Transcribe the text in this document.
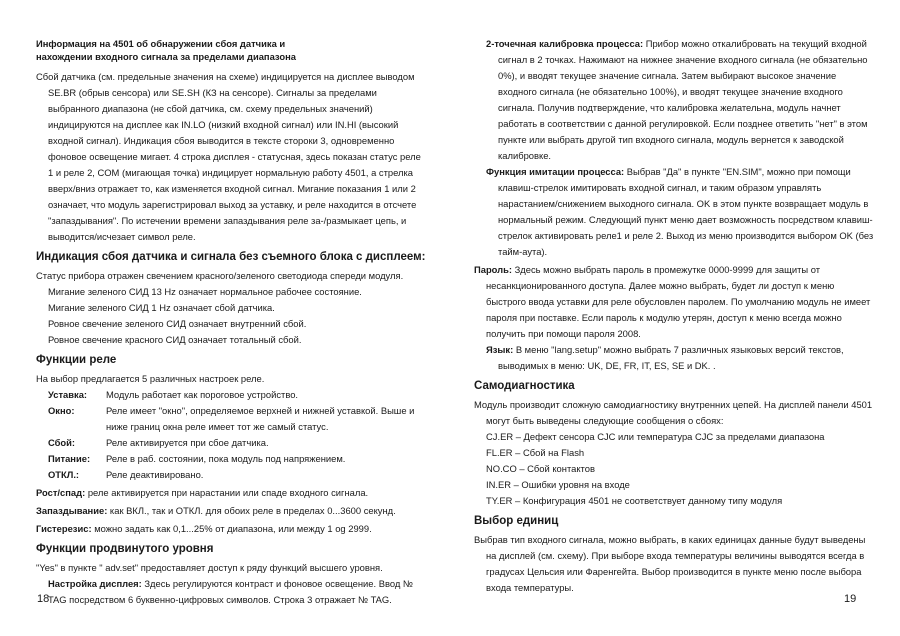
Информация на 4501 об обнаружении сбоя датчика и нахождении входного сигнала за пределами диапазона

Сбой датчика (см. предельные значения на схеме) индицируется на дисплее выводом SE.BR (обрыв сенсора) или SE.SH (КЗ на сенсоре). Сигналы за пределами выбранного диапазона (не сбой датчика, см. схему предельных значений) индицируются на дисплее как IN.LO (низкий входной сигнал) или IN.HI (высокий входной сигнал). Индикация сбоя выводится в тексте стороки 3, одновременно фоновое освещение мигает. 4 строка дисплея - статусная, здесь показан статус реле 1 и реле 2, COM (мигающая точка) индицирует нормальную работу 4501, а стрелка вверх/вниз отражает то, как изменяется входной сигнал. Мигание показания 1 или 2 означает, что модуль зарегистрировал выход за уставку, и реле находится в отсчете "запаздывания". По истечении времени запаздывания реле за-/размыкает цепь, и выводится/исчезает символ реле.

Индикация сбоя датчика и сигнала без съемного блока с дисплеем:

Статус прибора отражен свечением красного/зеленого светодиода спереди модуля.

Мигание зеленого СИД 13 Hz означает нормальное рабочее состояние.

Мигание зеленого СИД 1 Hz означает сбой датчика.

Ровное свечение зеленого СИД означает внутренний сбой.

Ровное свечение красного СИД означает тотальный сбой.

Функции реле

На выбор предлагается 5 различных настроек реле.

Уставка:	Модуль работает как пороговое устройство.
Окно:	Реле имеет "окно", определяемое верхней и нижней уставкой. Выше и ниже границ окна реле имеет тот же самый статус.
Сбой:	Реле активируется при сбое датчика.
Питание:	Реле в раб. состоянии, пока модуль под напряжением.
ОТКЛ.:	Реле деактивировано.

Рост/спад: реле активируется при нарастании или спаде входного сигнала.

Запаздывание: как ВКЛ., так и ОТКЛ. для обоих реле в пределах 0...3600 секунд.

Гистерезис: можно задать как 0,1...25% от диапазона, или между 1 og 2999.

Функции продвинутого уровня

"Yes" в пункте " adv.set" предоставляет доступ к ряду функций высшего уровня.

Настройка дисплея: Здесь регулируются контраст и фоновое освещение. Ввод № TAG посредством 6 буквенно-цифровых символов. Строка 3 отражает № TAG.

18

2-точечная калибровка процесса: Прибор можно откалибровать на текущий входной сигнал в 2 точках. Нажимают на нижнее значение входного сигнала (не обязательно 0%), и вводят текущее значение сигнала. Затем выбирают высокое значение входного сигнала (не обязательно 100%), и вводят текущее значение входного сигнала. Получив подтверждение, что калибровка желательна, модуль начнет работать в соответствии с данной регулировкой. Если позднее ответить "нет" в этом пункте или выбрать другой тип входного сигнала, модуль вернется к заводской калибровке.

Функция имитации процесса: Выбрав "Да" в пункте "EN.SIM", можно при помощи клавиш-стрелок имитировать входной сигнал, и таким образом управлять нарастанием/снижением выходного сигнала. OK в этом пункте возвращает модуль в нормальный режим. Следующий пункт меню дает возможность посредством клавиш-стрелок активировать реле1 и реле 2. Выход из меню производится выбором OK (без тайм-аута).

Пароль: Здесь можно выбрать пароль в промежутке 0000-9999 для защиты от несанкционированного доступа. Далее можно выбрать, будет ли доступ к меню быстрого ввода уставки для реле обусловлен паролем. По умолчанию модуль не имеет пароля при поставке. Если пароль к модулю утерян, доступ к меню всегда можно получить при помощи пароля 2008.

Язык: В меню "lang.setup" можно выбрать 7 различных языковых версий текстов, выводимых в меню: UK, DE, FR, IT, ES, SE и DK. .

Самодиагностика

Модуль производит сложную самодиагностику внутренних цепей. На дисплей панели 4501 могут быть выведены следующие сообщения о сбоях:

CJ.ER – Дефект сенсора CJC или температура CJC за пределами диапазона

FL.ER – Сбой на Flash

NO.CO – Сбой контактов

IN.ER – Ошибки уровня на входе

TY.ER – Конфигурация 4501 не соответствует данному типу модуля

Выбор единиц

Выбрав тип входного сигнала, можно выбрать, в каких единицах данные будут выведены на дисплей (см. схему). При выборе входа температуры величины выводятся всегда в градусах Цельсия или Фаренгейта. Выбор производится в пункте меню после выбора входа температуры.

19
